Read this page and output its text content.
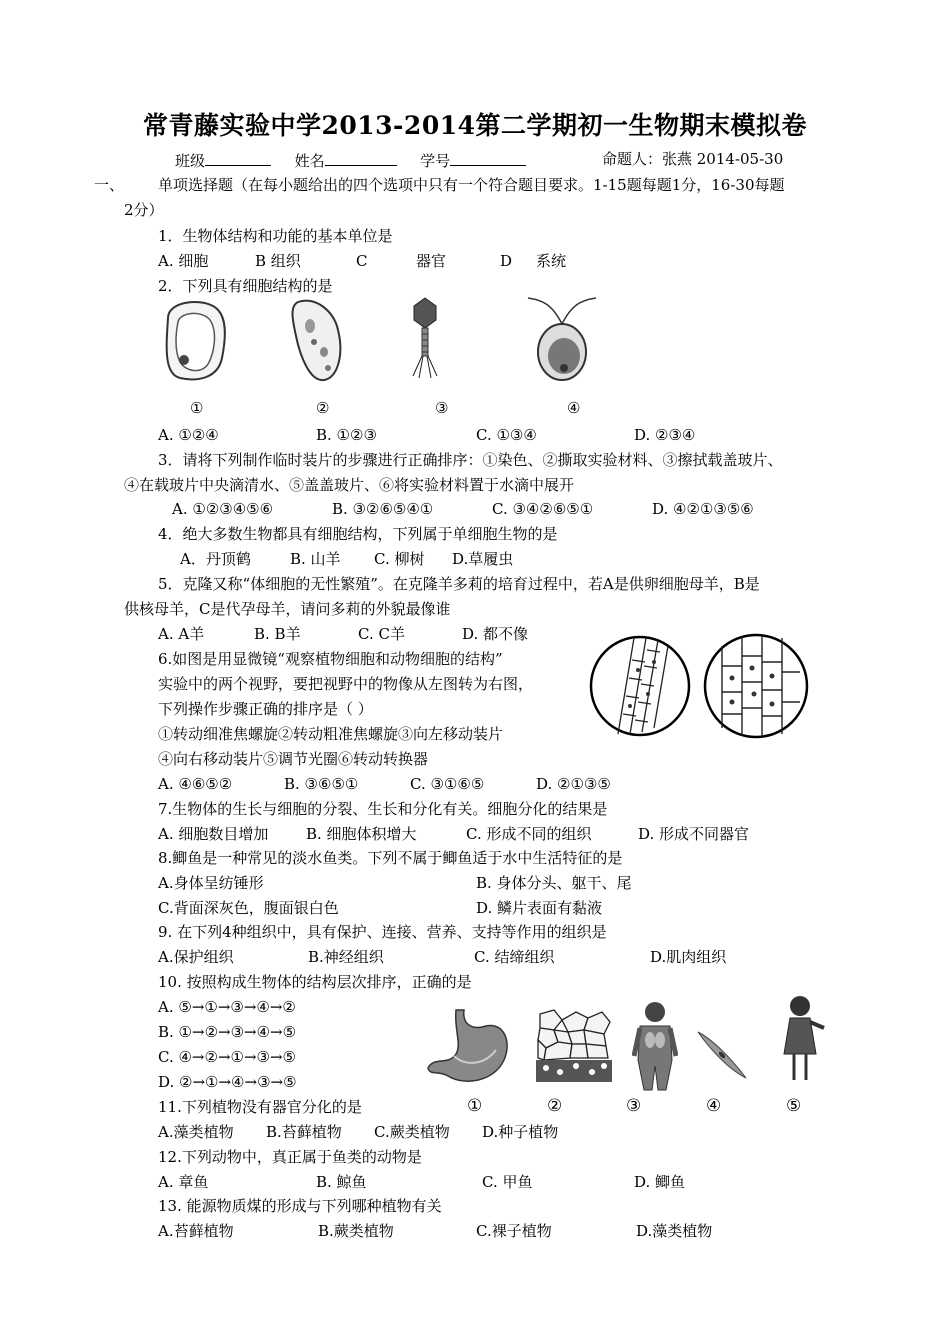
常青藤实验中学2013-2014第二学期初一生物期末模拟卷
班级	姓名	学号	命题人：张燕 2014-05-30
一、 单项选择题（在每小题给出的四个选项中只有一个符合题目要求。1-15题每题1分，16-30每题
2分）
1．生物体结构和功能的基本单位是
A. 细胞	B 组织	C	器官	D 系统
2．下列具有细胞结构的是
①	②	③	④
A. ①②④	B. ①②③	C. ①③④	D. ②③④
3．请将下列制作临时装片的步骤进行正确排序：①染色、②撕取实验材料、③擦拭载盖玻片、
④在载玻片中央滴清水、⑤盖盖玻片、⑥将实验材料置于水滴中展开
A. ①②③④⑤⑥	B. ③②⑥⑤④①	C. ③④②⑥⑤①	D. ④②①③⑤⑥
4．绝大多数生物都具有细胞结构，下列属于单细胞生物的是
A．丹顶鹤	B. 山羊 C. 柳树 D.草履虫
5．克隆又称“体细胞的无性繁殖”。在克隆羊多莉的培育过程中，若A是供卵细胞母羊，B是
供核母羊，C是代孕母羊，请问多莉的外貌最像谁
A. A羊	B. B羊	C. C羊	D. 都不像
6.如图是用显微镜“观察植物细胞和动物细胞的结构”
实验中的两个视野，要把视野中的物像从左图转为右图，
下列操作步骤正确的排序是（ ）
①转动细准焦螺旋②转动粗准焦螺旋③向左移动装片
④向右移动装片⑤调节光圈⑥转动转换器
A. ④⑥⑤②	B. ③⑥⑤①	C. ③①⑥⑤	D. ②①③⑤
7.生物体的生长与细胞的分裂、生长和分化有关。细胞分化的结果是
A. 细胞数目增加	B. 细胞体积增大	C. 形成不同的组织	D. 形成不同器官
8.鲫鱼是一种常见的淡水鱼类。下列不属于鲫鱼适于水中生活特征的是
A.身体呈纺锤形	B. 身体分头、躯干、尾
C.背面深灰色，腹面银白色	D. 鳞片表面有黏液
9. 在下列4种组织中，具有保护、连接、营养、支持等作用的组织是
A.保护组织	B.神经组织	C. 结缔组织	D.肌肉组织
10. 按照构成生物体的结构层次排序，正确的是
A. ⑤→①→③→④→②
B. ①→②→③→④→⑤
C. ④→②→①→③→⑤
D. ②→①→④→③→⑤
①	②	③	④	⑤
11.下列植物没有器官分化的是
A.藻类植物 B.苔藓植物 C.蕨类植物 D.种子植物
12.下列动物中，真正属于鱼类的动物是
A. 章鱼	B. 鲸鱼	C. 甲鱼	D. 鲫鱼
13. 能源物质煤的形成与下列哪种植物有关
A.苔藓植物	B.蕨类植物	C.裸子植物	D.藻类植物
